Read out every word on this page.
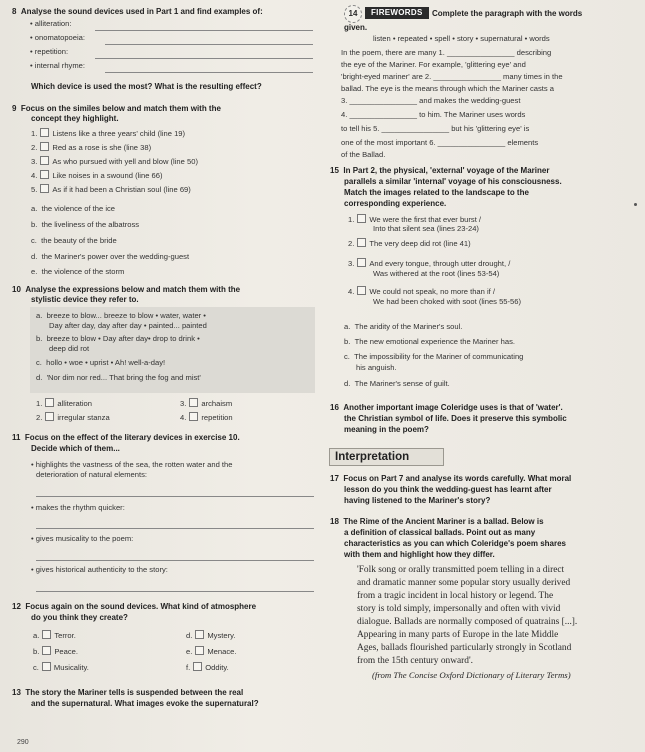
8 Analyse the sound devices used in Part 1 and find examples of:
• alliteration:
• onomatopoeia:
• repetition:
• internal rhyme:
Which device is used the most? What is the resulting effect?
9 Focus on the similes below and match them with the
concept they highlight.
1. Listens like a three years' child (line 19)
2. Red as a rose is she (line 38)
3. As who pursued with yell and blow (line 50)
4. Like noises in a swound (line 66)
5. As if it had been a Christian soul (line 69)
a. the violence of the ice
b. the liveliness of the albatross
c. the beauty of the bride
d. the Mariner's power over the wedding-guest
e. the violence of the storm
10 Analyse the expressions below and match them with the
stylistic device they refer to.
a. breeze to blow... breeze to blow • water, water •
Day after day, day after day • painted... painted
b. breeze to blow • Day after day• drop to drink •
deep did rot
c. hollo • woe • uprist • Ah! well-a-day!
d. 'Nor dim nor red... That bring the fog and mist'
1. alliteration	3. archaism
2. irregular stanza	4. repetition
11 Focus on the effect of the literary devices in exercise 10.
Decide which of them...
• highlights the vastness of the sea, the rotten water and the
deterioration of natural elements:
• makes the rhythm quicker:
• gives musicality to the poem:
• gives historical authenticity to the story:
12 Focus again on the sound devices. What kind of atmosphere
do you think they create?
a. Terror.	d. Mystery.
b. Peace.	e. Menace.
c. Musicality.	f. Oddity.
13 The story the Mariner tells is suspended between the real
and the supernatural. What images evoke the supernatural?
14	FIREWORDS	Complete the paragraph with the words
given.
listen • repeated • spell • story • supernatural • words
In the poem, there are many 1. ________________ describing
the eye of the Mariner. For example, 'glittering eye' and
'bright-eyed mariner' are 2. ________________ many times in the
ballad. The eye is the means through which the Mariner casts a
3. ________________ and makes the wedding-guest
4. ________________ to him. The Mariner uses words
to tell his 5. ________________ but his 'glittering eye' is
one of the most important 6. ________________ elements
of the Ballad.
15 In Part 2, the physical, 'external' voyage of the Mariner
parallels a similar 'internal' voyage of his consciousness.
Match the images related to the landscape to the
corresponding experience.
1. We were the first that ever burst /
Into that silent sea (lines 23-24)
2. The very deep did rot (line 41)
3. And every tongue, through utter drought, /
Was withered at the root (lines 53-54)
4. We could not speak, no more than if /
We had been choked with soot (lines 55-56)
a. The aridity of the Mariner's soul.
b. The new emotional experience the Mariner has.
c. The impossibility for the Mariner of communicating
his anguish.
d. The Mariner's sense of guilt.
16 Another important image Coleridge uses is that of 'water'.
the Christian symbol of life. Does it preserve this symbolic
meaning in the poem?
Interpretation
17 Focus on Part 7 and analyse its words carefully. What moral
lesson do you think the wedding-guest has learnt after
having listened to the Mariner's story?
18 The Rime of the Ancient Mariner is a ballad. Below is
a definition of classical ballads. Point out as many
characteristics as you can which Coleridge's poem shares
with them and highlight how they differ.
'Folk song or orally transmitted poem telling in a direct
and dramatic manner some popular story usually derived
from a tragic incident in local history or legend. The
story is told simply, impersonally and often with vivid
dialogue. Ballads are normally composed of quatrains [...].
Appearing in many parts of Europe in the late Middle
Ages, ballads flourished particularly strongly in Scotland
from the 15th century onward'.
(from The Concise Oxford Dictionary of Literary Terms)
290
